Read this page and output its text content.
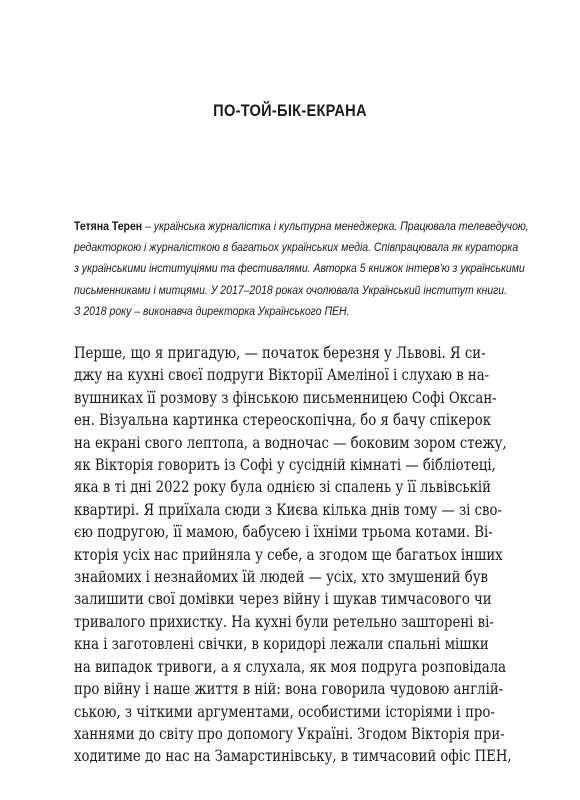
ПО-ТОЙ-БІК-ЕКРАНА
Тетяна Терен – українська журналістка і культурна менеджерка. Працювала телеведучою,
редакторкою і журналісткою в багатьох українських медіа. Співпрацювала як кураторка
з українськими інституціями та фестивалями. Авторка 5 книжок інтерв'ю з українськими
письменниками і митцями. У 2017–2018 роках очолювала Український інститут книги.
З 2018 року – виконавча директорка Українського ПЕН.
Перше, що я пригадую, — початок березня у Львові. Я си-
джу на кухні своєї подруги Вікторії Амеліної і слухаю в на-
вушниках її розмову з фінською письменницею Софі Оксан-
ен. Візуальна картинка стереоскопічна, бо я бачу спікерок
на екрані свого лептопа, а водночас — боковим зором стежу,
як Вікторія говорить із Софі у сусідній кімнаті — бібліотеці,
яка в ті дні 2022 року була однією зі спалень у її львівській
квартирі. Я приїхала сюди з Києва кілька днів тому — зі сво-
єю подругою, її мамою, бабусею і їхніми трьома котами. Ві-
кторія усіх нас прийняла у себе, а згодом ще багатьох інших
знайомих і незнайомих їй людей — усіх, хто змушений був
залишити свої домівки через війну і шукав тимчасового чи
тривалого прихистку. На кухні були ретельно зашторені ві-
кна і заготовлені свічки, в коридорі лежали спальні мішки
на випадок тривоги, а я слухала, як моя подруга розповідала
про війну і наше життя в ній: вона говорила чудовою англій-
ською, з чіткими аргументами, особистими історіями і про-
ханнями до світу про допомогу Україні. Згодом Вікторія при-
ходитиме до нас на Замарстинівську, в тимчасовий офіс ПЕН,
